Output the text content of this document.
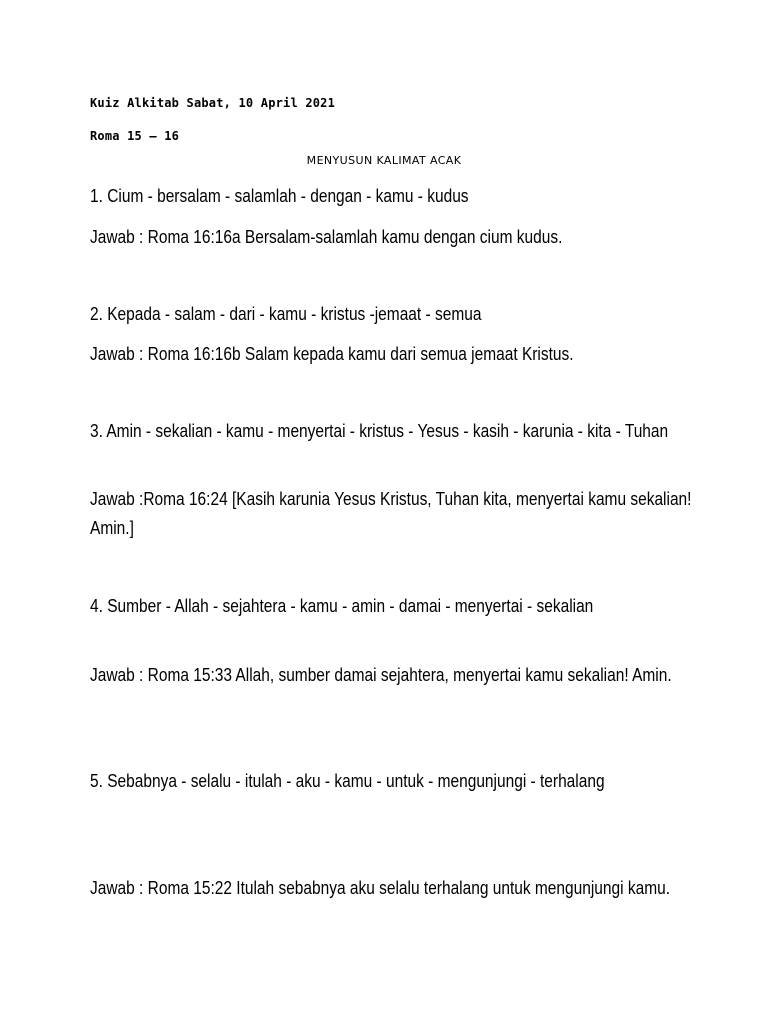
Kuiz Alkitab Sabat, 10 April 2021
Roma 15 – 16
MENYUSUN KALIMAT ACAK
1. Cium - bersalam - salamlah - dengan - kamu - kudus
Jawab : Roma 16:16a Bersalam-salamlah kamu dengan cium kudus.
2. Kepada - salam - dari - kamu - kristus -jemaat - semua
Jawab : Roma 16:16b Salam kepada kamu dari semua jemaat Kristus.
3. Amin - sekalian - kamu - menyertai - kristus - Yesus - kasih - karunia - kita - Tuhan
Jawab :Roma 16:24 [Kasih karunia Yesus Kristus, Tuhan kita, menyertai kamu sekalian! Amin.]
4. Sumber - Allah - sejahtera - kamu - amin - damai - menyertai - sekalian
Jawab : Roma 15:33 Allah, sumber damai sejahtera, menyertai kamu sekalian! Amin.
5. Sebabnya - selalu - itulah - aku - kamu - untuk - mengunjungi - terhalang
Jawab : Roma 15:22 Itulah sebabnya aku selalu terhalang untuk mengunjungi kamu.
